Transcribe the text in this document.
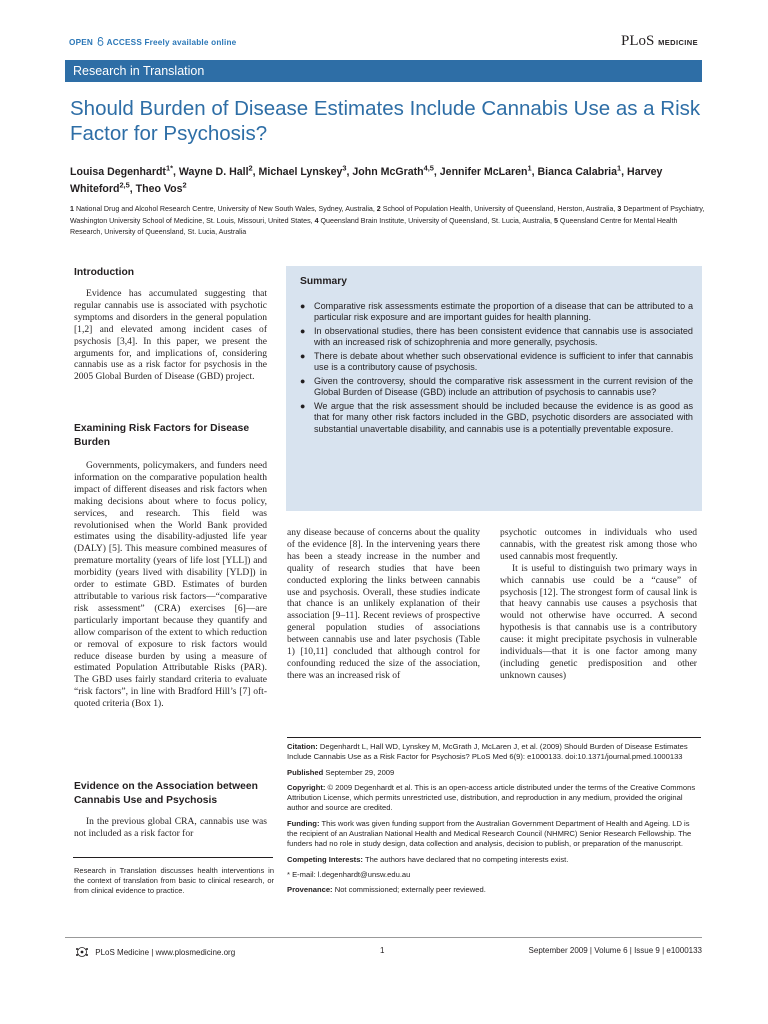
OPEN ACCESS Freely available online	PLoS MEDICINE
Research in Translation
Should Burden of Disease Estimates Include Cannabis Use as a Risk Factor for Psychosis?
Louisa Degenhardt$^{1*}$, Wayne D. Hall$^2$, Michael Lynskey$^3$, John McGrath$^{4,5}$, Jennifer McLaren$^1$, Bianca Calabria$^1$, Harvey Whiteford$^{2,5}$, Theo Vos$^2$
1 National Drug and Alcohol Research Centre, University of New South Wales, Sydney, Australia, 2 School of Population Health, University of Queensland, Herston, Australia, 3 Department of Psychiatry, Washington University School of Medicine, St. Louis, Missouri, United States, 4 Queensland Brain Institute, University of Queensland, St. Lucia, Australia, 5 Queensland Centre for Mental Health Research, University of Queensland, St. Lucia, Australia
Introduction

Evidence has accumulated suggesting that regular cannabis use is associated with psychotic symptoms and disorders in the general population [1,2] and elevated among incident cases of psychosis [3,4]. In this paper, we present the arguments for, and implications of, considering cannabis use as a risk factor for psychosis in the 2005 Global Burden of Disease (GBD) project.

Examining Risk Factors for Disease Burden

Governments, policymakers, and funders need information on the comparative population health impact of different diseases and risk factors when making decisions about where to focus policy, services, and research. This field was revolutionised when the World Bank provided estimates using the disability-adjusted life year (DALY) [5]. This measure combined measures of premature mortality (years of life lost [YLL]) and morbidity (years lived with disability [YLD]) in order to estimate GBD. Estimates of burden attributable to various risk factors—“comparative risk assessment” (CRA) exercises [6]—are particularly important because they quantify and allow comparison of the extent to which reduction or removal of exposure to risk factors would reduce disease burden by using a measure of estimated Population Attributable Risks (PAR). The GBD uses fairly standard criteria to evaluate “risk factors”, in line with Bradford Hill’s [7] oft-quoted criteria (Box 1).

Evidence on the Association between Cannabis Use and Psychosis

In the previous global CRA, cannabis use was not included as a risk factor for

Research in Translation discusses health interventions in the context of translation from basic to clinical research, or from clinical evidence to practice.
Summary
● Comparative risk assessments estimate the proportion of a disease that can be attributed to a particular risk exposure and are important guides for health planning.
● In observational studies, there has been consistent evidence that cannabis use is associated with an increased risk of schizophrenia and more generally, psychosis.
● There is debate about whether such observational evidence is sufficient to infer that cannabis use is a contributory cause of psychosis.
● Given the controversy, should the comparative risk assessment in the current revision of the Global Burden of Disease (GBD) include an attribution of psychosis to cannabis use?
● We argue that the risk assessment should be included because the evidence is as good as that for many other risk factors included in the GBD, psychotic disorders are associated with substantial unavertable disability, and cannabis use is a potentially preventable exposure.

any disease because of concerns about the quality of the evidence [8]. In the intervening years there has been a steady increase in the number and quality of research studies that have been conducted exploring the links between cannabis use and psychosis. Overall, these studies indicate that chance is an unlikely explanation of their association [9–11]. Recent reviews of prospective general population studies of associations between cannabis use and later psychosis (Table 1) [10,11] concluded that although control for confounding reduced the size of the association, there was an increased risk of

psychotic outcomes in individuals who used cannabis, with the greatest risk among those who used cannabis most frequently.

It is useful to distinguish two primary ways in which cannabis use could be a “cause” of psychosis [12]. The strongest form of causal link is that heavy cannabis use causes a psychosis that would not otherwise have occurred. A second hypothesis is that cannabis use is a contributory cause: it might precipitate psychosis in vulnerable individuals—that it is one factor among many (including genetic predisposition and other unknown causes)

Citation: Degenhardt L, Hall WD, Lynskey M, McGrath J, McLaren J, et al. (2009) Should Burden of Disease Estimates Include Cannabis Use as a Risk Factor for Psychosis? PLoS Med 6(9): e1000133. doi:10.1371/journal.pmed.1000133
Published September 29, 2009
Copyright: © 2009 Degenhardt et al. This is an open-access article distributed under the terms of the Creative Commons Attribution License, which permits unrestricted use, distribution, and reproduction in any medium, provided the original author and source are credited.
Funding: This work was given funding support from the Australian Government Department of Health and Ageing. LD is the recipient of an Australian National Health and Medical Research Council (NHMRC) Senior Research Fellowship. The funders had no role in study design, data collection and analysis, decision to publish, or preparation of the manuscript.
Competing Interests: The authors have declared that no competing interests exist.
* E-mail: l.degenhardt@unsw.edu.au
Provenance: Not commissioned; externally peer reviewed.
PLoS Medicine | www.plosmedicine.org	1	September 2009 | Volume 6 | Issue 9 | e1000133
